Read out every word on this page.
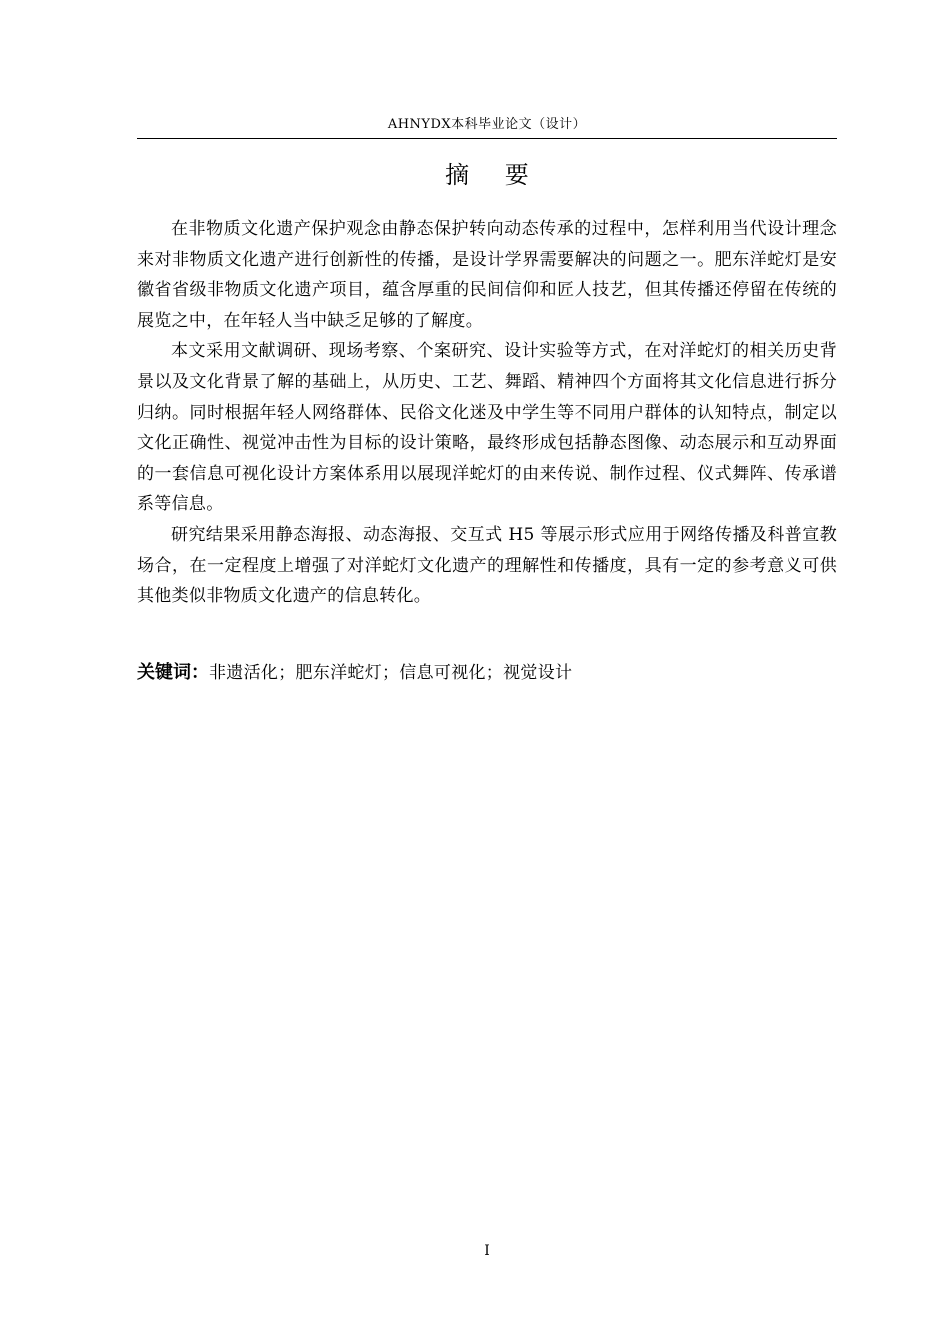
AHNYDX本科毕业论文（设计）
摘 要

在非物质文化遗产保护观念由静态保护转向动态传承的过程中，怎样利用当代设计理念来对非物质文化遗产进行创新性的传播，是设计学界需要解决的问题之一。肥东洋蛇灯是安徽省省级非物质文化遗产项目，蕴含厚重的民间信仰和匠人技艺，但其传播还停留在传统的展览之中，在年轻人当中缺乏足够的了解度。

本文采用文献调研、现场考察、个案研究、设计实验等方式，在对洋蛇灯的相关历史背景以及文化背景了解的基础上，从历史、工艺、舞蹈、精神四个方面将其文化信息进行拆分归纳。同时根据年轻人网络群体、民俗文化迷及中学生等不同用户群体的认知特点，制定以文化正确性、视觉冲击性为目标的设计策略，最终形成包括静态图像、动态展示和互动界面的一套信息可视化设计方案体系用以展现洋蛇灯的由来传说、制作过程、仪式舞阵、传承谱系等信息。

研究结果采用静态海报、动态海报、交互式 H5 等展示形式应用于网络传播及科普宣教场合，在一定程度上增强了对洋蛇灯文化遗产的理解性和传播度，具有一定的参考意义可供其他类似非物质文化遗产的信息转化。

关键词：非遗活化；肥东洋蛇灯；信息可视化；视觉设计
I
